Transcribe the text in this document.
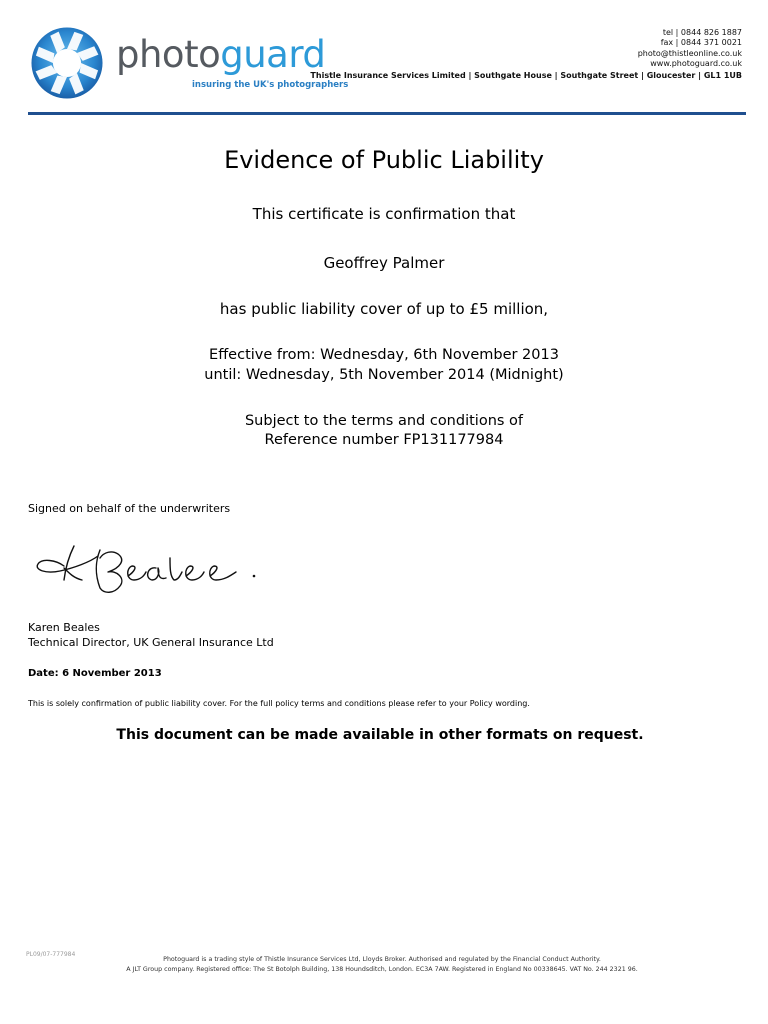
photoguard
insuring the UK's photographers
tel | 0844 826 1887
fax | 0844 371 0021
photo@thistleonline.co.uk
www.photoguard.co.uk
Thistle Insurance Services Limited | Southgate House | Southgate Street | Gloucester | GL1 1UB
Evidence of Public Liability
This certificate is confirmation that
Geoffrey Palmer
has public liability cover of up to £5 million,
Effective from: Wednesday, 6th November 2013
until: Wednesday, 5th November 2014 (Midnight)
Subject to the terms and conditions of
Reference number FP131177984
Signed on behalf of the underwriters
Karen Beales
Technical Director, UK General Insurance Ltd
Date: 6 November 2013
This is solely confirmation of public liability cover. For the full policy terms and conditions please refer to your Policy wording.
This document can be made available in other formats on request.
PL09/07-777984
Photoguard is a trading style of Thistle Insurance Services Ltd, Lloyds Broker. Authorised and regulated by the Financial Conduct Authority.
A JLT Group company. Registered office: The St Botolph Building, 138 Houndsditch, London. EC3A 7AW. Registered in England No 00338645. VAT No. 244 2321 96.
